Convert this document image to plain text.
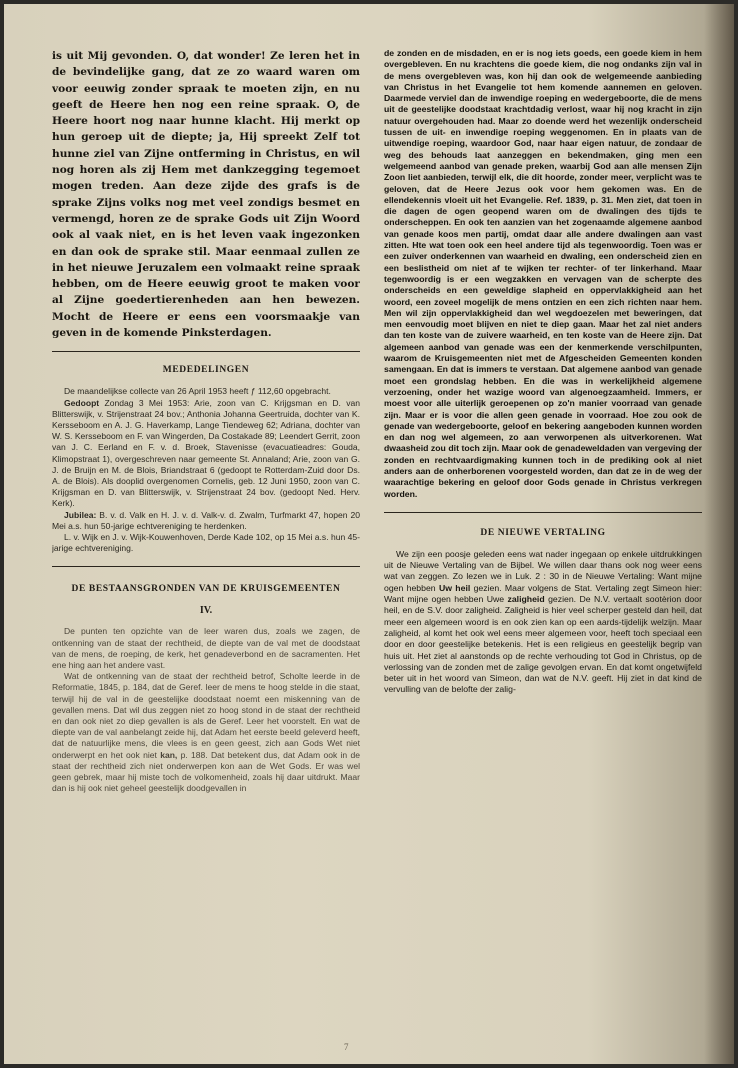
is uit Mij gevonden. O, dat wonder! Ze leren het in de bevindelijke gang, dat ze zo waard waren om voor eeuwig zonder spraak te moeten zijn, en nu geeft de Heere hen nog een reine spraak. O, de Heere hoort nog naar hunne klacht. Hij merkt op hun geroep uit de diepte; ja, Hij spreekt Zelf tot hunne ziel van Zijne ontferming in Christus, en wil nog horen als zij Hem met dankzegging tegemoet mogen treden. Aan deze zijde des grafs is de sprake Zijns volks nog met veel zondigs besmet en vermengd, horen ze de sprake Gods uit Zijn Woord ook al vaak niet, en is het leven vaak ingezonken en dan ook de sprake stil. Maar eenmaal zullen ze in het nieuwe Jeruzalem een volmaakt reine spraak hebben, om de Heere eeuwig groot te maken voor al Zijne goedertierenheden aan hen bewezen. Mocht de Heere er eens een voorsmaakje van geven in de komende Pinksterdagen.

MEDEDELINGEN

De maandelijkse collecte van 26 April 1953 heeft ƒ 112,60 opgebracht.

Gedoopt Zondag 3 Mei 1953: Arie, zoon van C. Krijgsman en D. van Blitterswijk, v. Strijenstraat 24 bov.; Anthonia Johanna Geertruida, dochter van K. Kersseboom en A. J. G. Haverkamp, Lange Tiendeweg 62; Adriana, dochter van W. S. Kersseboom en F. van Wingerden, Da Costakade 89; Leendert Gerrit, zoon van J. C. Eerland en F. v. d. Broek, Stavenisse (evacuatieadres: Gouda, Klimopstraat 1), overgeschreven naar gemeente St. Annaland; Arie, zoon van G. J. de Bruijn en M. de Blois, Briandstraat 6 (gedoopt te Rotterdam-Zuid door Ds. A. de Blois). Als dooplid overgenomen Cornelis, geb. 12 Juni 1950, zoon van C. Krijgsman en D. van Blitterswijk, v. Strijenstraat 24 bov. (gedoopt Ned. Herv. Kerk).

Jubilea: B. v. d. Valk en H. J. v. d. Valk-v. d. Zwalm, Turfmarkt 47, hopen 20 Mei a.s. hun 50-jarige echtvereniging te herdenken.

L. v. Wijk en J. v. Wijk-Kouwenhoven, Derde Kade 102, op 15 Mei a.s. hun 45-jarige echtvereniging.

DE BESTAANSGRONDEN VAN DE KRUISGEMEENTEN
IV.

De punten ten opzichte van de leer waren dus, zoals we zagen, de ontkenning van de staat der rechtheid, de diepte van de val met de doodstaat van de mens, de roeping, de kerk, het genadeverbond en de sacramenten. Het ene hing aan het andere vast.

Wat de ontkenning van de staat der rechtheid betrof, Scholte leerde in de Reformatie, 1845, p. 184, dat de Geref. leer de mens te hoog stelde in die staat, terwijl hij de val in de geestelijke doodstaat noemt een miskenning van de gevallen mens. Dat wil dus zeggen niet zo hoog stond in de staat der rechtheid en dan ook niet zo diep gevallen is als de Geref. Leer het voorstelt. En wat de diepte van de val aanbelangt zeide hij, dat Adam het eerste beeld geleverd heeft, dat de natuurlijke mens, die vlees is en geen geest, zich aan Gods Wet niet onderwerpt en het ook niet kan, p. 188. Dat betekent dus, dat Adam ook in de staat der rechtheid zich niet onderwerpen kon aan de Wet Gods. Er was wel geen gebrek, maar hij miste toch de volkomenheid, zoals hij daar uitdrukt. Maar dan is hij ook niet geheel geestelijk doodgevallen in

de zonden en de misdaden, en er is nog iets goeds, een goede kiem in hem overgebleven. En nu krachtens die goede kiem, die nog ondanks zijn val in de mens overgebleven was, kon hij dan ook de welgemeende aanbieding van Christus in het Evangelie tot hem komende aannemen en geloven. Daarmede verviel dan de inwendige roeping en wedergeboorte, die de mens uit de geestelijke doodstaat krachtdadig verlost, waar hij nog kracht in zijn natuur overgehouden had. Maar zo doende werd het wezenlijk onderscheid tussen de uit- en inwendige roeping weggenomen. En in plaats van de uitwendige roeping, waardoor God, naar haar eigen natuur, de zondaar de weg des behouds laat aanzeggen en bekendmaken, ging men een welgemeend aanbod van genade preken, waarbij God aan alle mensen Zijn Zoon liet aanbieden, terwijl elk, die dit hoorde, zonder meer, verplicht was te geloven, dat de Heere Jezus ook voor hem gekomen was. En de ellendekennis vloeit uit het Evangelie. Ref. 1839, p. 31. Men ziet, dat toen in die dagen de ogen geopend waren om de dwalingen des tijds te onderscheppen. En ook ten aanzien van het zogenaamde algemene aanbod van genade koos men partij, omdat daar alle andere dwalingen aan vast zitten. Hte wat toen ook een heel andere tijd als tegenwoordig. Toen was er een zuiver onderkennen van waarheid en dwaling, een onderscheid zien en een beslistheid om niet af te wijken ter rechter- of ter linkerhand. Maar tegenwoordig is er een wegzakken en vervagen van de scherpte des onderscheids en een geweldige slapheid en oppervlakkigheid aan het woord, een zoveel mogelijk de mens ontzien en een zich richten naar hem. Men wil zijn oppervlakkigheid dan wel wegdoezelen met beweringen, dat men eenvoudig moet blijven en niet te diep gaan. Maar het zal niet anders dan ten koste van de zuivere waarheid, en ten koste van de Heere zijn. Dat algemeen aanbod van genade was een der kenmerkende verschilpunten, waarom de Kruisgemeenten niet met de Afgescheiden Gemeenten konden samengaan. En dat is immers te verstaan. Dat algemene aanbod van genade moet een grondslag hebben. En die was in werkelijkheid algemene verzoening, onder het wazige woord van algenoegzaamheid. Immers, er moest voor alle uiterlijk geroepenen op zo'n manier voorraad van genade zijn. Maar er is voor die allen geen genade in voorraad. Hoe zou ook de genade van wedergeboorte, geloof en bekering aangeboden kunnen worden en dan nog wel algemeen, zo aan verworpenen als uitverkorenen. Wat dwaasheid zou dit toch zijn. Maar ook de genadeweldaden van vergeving der zonden en rechtvaardigmaking kunnen toch in de prediking ook al niet anders aan de onherborenen voorgesteld worden, dan dat ze in de weg der waarachtige bekering en geloof door Gods genade in Christus verkregen worden.

DE NIEUWE VERTALING

We zijn een poosje geleden eens wat nader ingegaan op enkele uitdrukkingen uit de Nieuwe Vertaling van de Bijbel. We willen daar thans ook nog weer eens wat van zeggen. Zo lezen we in Luk. 2 : 30 in de Nieuwe Vertaling: Want mijne ogen hebben Uw heil gezien. Maar volgens de Stat. Vertaling zegt Simeon hier: Want mijne ogen hebben Uwe zaligheid gezien. De N.V. vertaalt sootèrion door heil, en de S.V. door zaligheid. Zaligheid is hier veel scherper gesteld dan heil, dat meer een algemeen woord is en ook zien kan op een aards-tijdelijk welzijn. Maar zaligheid, al komt het ook wel eens meer algemeen voor, heeft toch speciaal een door en door geestelijke betekenis. Het is een religieus en geestelijk begrip van huis uit. Het ziet al aanstonds op de rechte verhouding tot God in Christus, op de verlossing van de zonden met de zalige gevolgen ervan. En dat komt ongetwijfeld beter uit in het woord van Simeon, dan wat de N.V. geeft. Hij ziet in dat kind de vervulling van de belofte der zalig-

7
